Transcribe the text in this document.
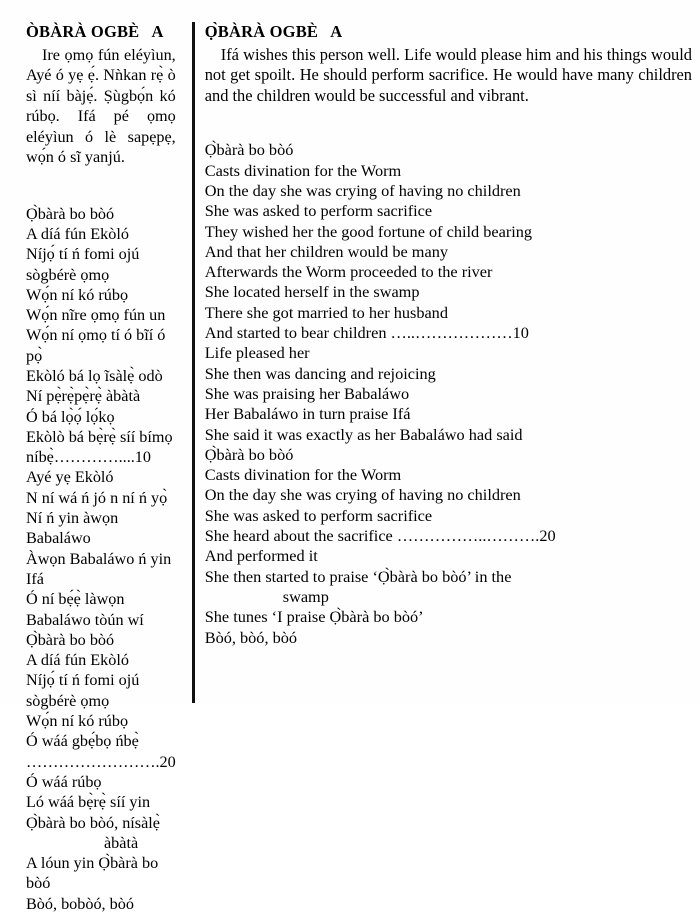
ÒBÀRÀ OGBÈ   A

Ire ọmọ fún eléyìun, Ayé ó yẹ ẹ́. Nǹkan rẹ̀ ò sì níí bàjẹ́. Ṣùgbọ́n kó rúbọ. Ifá pé ọmọ eléyìun ó lè sapẹpẹ, wọ́n ó sĩ yanjú.

Ọ̀bàrà bo bòó
A díá fún Ekòló
Níjọ́ tí ń fomi ojú sògbérè ọmọ
Wọ́n ní kó rúbọ
Wọ́n nĩre ọmọ fún un
Wọ́n ní ọmọ tí ó bĩí ó pọ̀
Ekòló bá lọ ĩsàlẹ̀ odò
Ní pẹ̀rẹ̀pẹ̀rẹ̀ àbàtà
Ó bá lọ̀ọ́ lọ́kọ
Ekòlò bá bẹ̀rẹ̀ síí bímọ níbẹ̀…………....10
Ayé yẹ Ekòló
N ní wá ń jó n ní ń yọ̀
Ní ń yin àwọn Babaláwo
Àwọn Babaláwo ń yin Ifá
Ó ní bẹ́ẹ̀ làwọn Babaláwo tòún wí
Ọ̀bàrà bo bòó
A díá fún Ekòló
Níjọ́ tí ń fomi ojú sògbérè ọmọ
Wọ́n ní kó rúbọ
Ó wáá gbẹ́bọ ńbẹ̀ …………………….20
Ó wáá rúbọ
Ló wáá bẹ̀rẹ̀ síí yin Ọ̀bàrà bo bòó, nísàlẹ̀
àbàtà
A lóun yin Ọ̀bàrà bo bòó
Bòó, bobòó, bòó
Ọ̀BÀRÀ OGBÈ   A

Ifá wishes this person well. Life would please him and his things would not get spoilt. He should perform sacrifice. He would have many children and the children would be successful and vibrant.

Ọ̀bàrà bo bòó
Casts divination for the Worm
On the day she was crying of having no children
She was asked to perform sacrifice
They wished her the good fortune of child bearing
And that her children would be many
Afterwards the Worm proceeded to the river
She located herself in the swamp
There she got married to her husband
And started to bear children …..………………10
Life pleased her
She then was dancing and rejoicing
She was praising her Babaláwo
Her Babaláwo in turn praise Ifá
She said it was exactly as her Babaláwo had said
Ọ̀bàrà bo bòó
Casts divination for the Worm
On the day she was crying of having no children
She was asked to perform sacrifice
She heard about the sacrifice ……………..……….20
And performed it
She then started to praise ‘Ọ̀bàrà bo bòó’ in the
swamp
She tunes ‘I praise Ọ̀bàrà bo bòó’
Bòó, bòó, bòó
